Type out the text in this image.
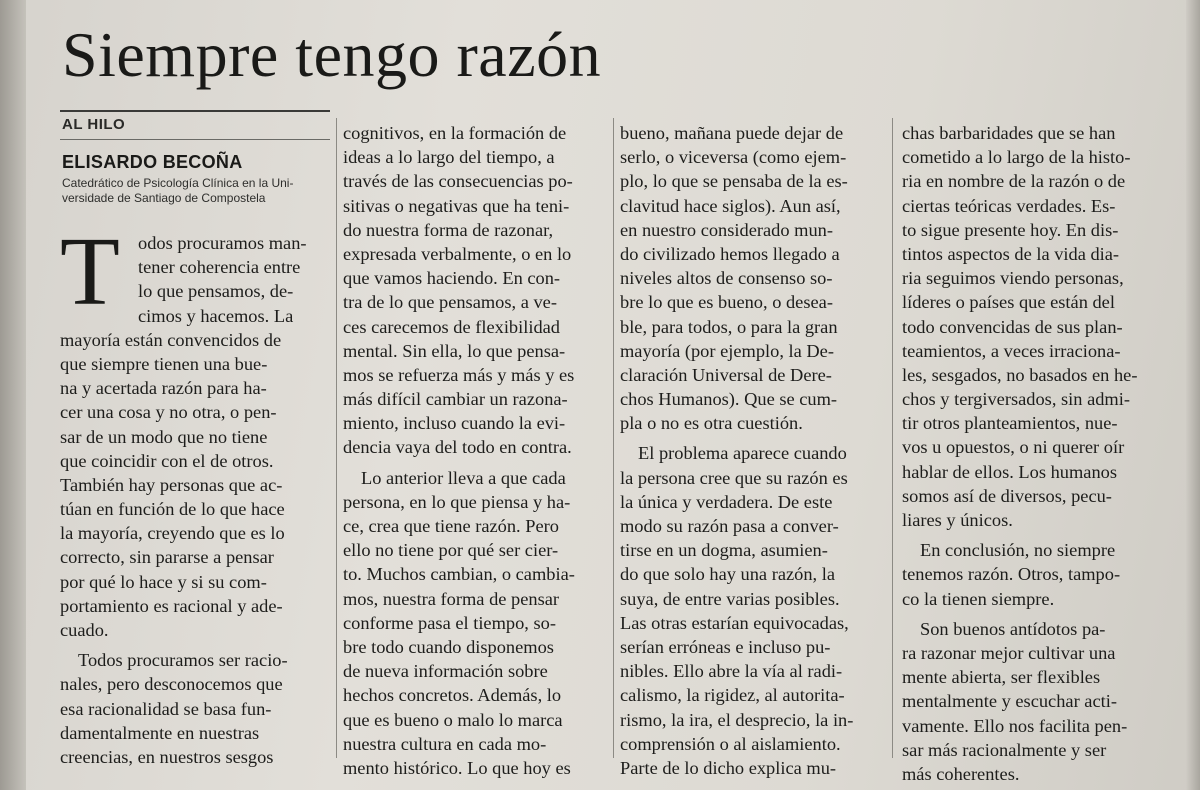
Siempre tengo razón
AL HILO
ELISARDO BECOÑA
Catedrático de Psicología Clínica en la Uni-
versidade de Santiago de Compostela
T odos procuramos man-
tener coherencia entre
lo que pensamos, de-
cimos y hacemos. La
mayoría están convencidos de
que siempre tienen una bue-
na y acertada razón para ha-
cer una cosa y no otra, o pen-
sar de un modo que no tiene
que coincidir con el de otros.
También hay personas que ac-
túan en función de lo que hace
la mayoría, creyendo que es lo
correcto, sin pararse a pensar
por qué lo hace y si su com-
portamiento es racional y ade-
cuado.
Todos procuramos ser racio-
nales, pero desconocemos que
esa racionalidad se basa fun-
damentalmente en nuestras
creencias, en nuestros sesgos
cognitivos, en la formación de
ideas a lo largo del tiempo, a
través de las consecuencias po-
sitivas o negativas que ha teni-
do nuestra forma de razonar,
expresada verbalmente, o en lo
que vamos haciendo. En con-
tra de lo que pensamos, a ve-
ces carecemos de flexibilidad
mental. Sin ella, lo que pensa-
mos se refuerza más y más y es
más difícil cambiar un razona-
miento, incluso cuando la evi-
dencia vaya del todo en contra.
Lo anterior lleva a que cada
persona, en lo que piensa y ha-
ce, crea que tiene razón. Pero
ello no tiene por qué ser cier-
to. Muchos cambian, o cambia-
mos, nuestra forma de pensar
conforme pasa el tiempo, so-
bre todo cuando disponemos
de nueva información sobre
hechos concretos. Además, lo
que es bueno o malo lo marca
nuestra cultura en cada mo-
mento histórico. Lo que hoy es
bueno, mañana puede dejar de
serlo, o viceversa (como ejem-
plo, lo que se pensaba de la es-
clavitud hace siglos). Aun así,
en nuestro considerado mun-
do civilizado hemos llegado a
niveles altos de consenso so-
bre lo que es bueno, o desea-
ble, para todos, o para la gran
mayoría (por ejemplo, la De-
claración Universal de Dere-
chos Humanos). Que se cum-
pla o no es otra cuestión.
El problema aparece cuando
la persona cree que su razón es
la única y verdadera. De este
modo su razón pasa a conver-
tirse en un dogma, asumien-
do que solo hay una razón, la
suya, de entre varias posibles.
Las otras estarían equivocadas,
serían erróneas e incluso pu-
nibles. Ello abre la vía al radi-
calismo, la rigidez, al autorita-
rismo, la ira, el desprecio, la in-
comprensión o al aislamiento.
Parte de lo dicho explica mu-
chas barbaridades que se han
cometido a lo largo de la histo-
ria en nombre de la razón o de
ciertas teóricas verdades. Es-
to sigue presente hoy. En dis-
tintos aspectos de la vida dia-
ria seguimos viendo personas,
líderes o países que están del
todo convencidas de sus plan-
teamientos, a veces irraciona-
les, sesgados, no basados en he-
chos y tergiversados, sin admi-
tir otros planteamientos, nue-
vos u opuestos, o ni querer oír
hablar de ellos. Los humanos
somos así de diversos, pecu-
liares y únicos.
En conclusión, no siempre
tenemos razón. Otros, tampo-
co la tienen siempre.
Son buenos antídotos pa-
ra razonar mejor cultivar una
mente abierta, ser flexibles
mentalmente y escuchar acti-
vamente. Ello nos facilita pen-
sar más racionalmente y ser
más coherentes.
